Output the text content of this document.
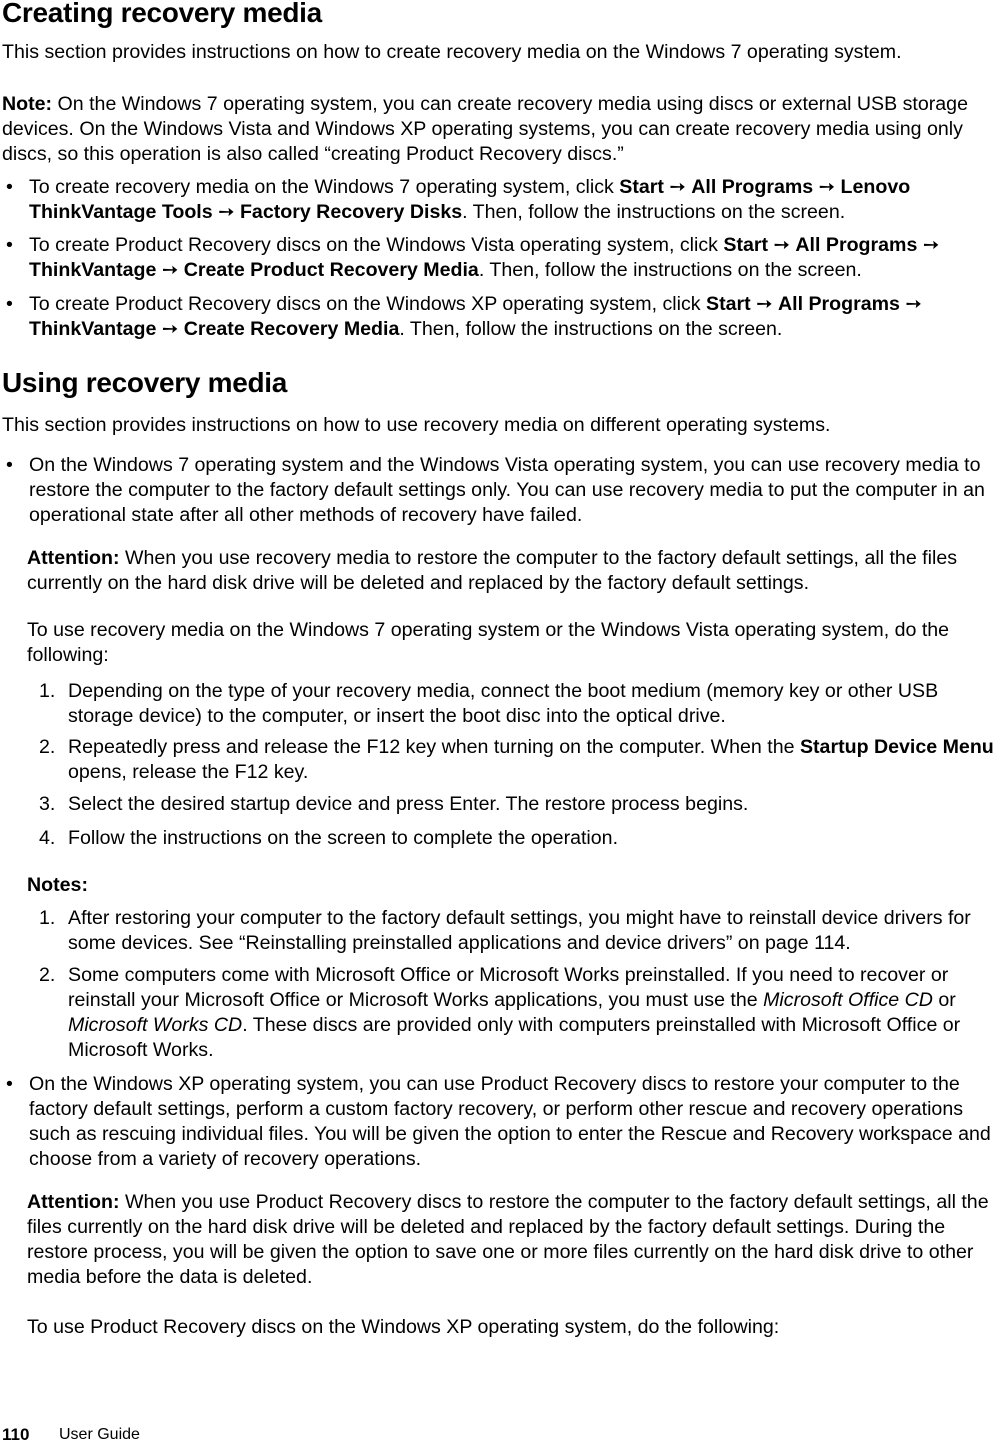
Creating recovery media

This section provides instructions on how to create recovery media on the Windows 7 operating system.

Note: On the Windows 7 operating system, you can create recovery media using discs or external USB storage devices. On the Windows Vista and Windows XP operating systems, you can create recovery media using only discs, so this operation is also called “creating Product Recovery discs.”

• To create recovery media on the Windows 7 operating system, click Start ➙ All Programs ➙ Lenovo ThinkVantage Tools ➙ Factory Recovery Disks. Then, follow the instructions on the screen.
• To create Product Recovery discs on the Windows Vista operating system, click Start ➙ All Programs ➙ ThinkVantage ➙ Create Product Recovery Media. Then, follow the instructions on the screen.
• To create Product Recovery discs on the Windows XP operating system, click Start ➙ All Programs ➙ ThinkVantage ➙ Create Recovery Media. Then, follow the instructions on the screen.
Using recovery media

This section provides instructions on how to use recovery media on different operating systems.

• On the Windows 7 operating system and the Windows Vista operating system, you can use recovery media to restore the computer to the factory default settings only. You can use recovery media to put the computer in an operational state after all other methods of recovery have failed.

Attention: When you use recovery media to restore the computer to the factory default settings, all the files currently on the hard disk drive will be deleted and replaced by the factory default settings.

To use recovery media on the Windows 7 operating system or the Windows Vista operating system, do the following:

1. Depending on the type of your recovery media, connect the boot medium (memory key or other USB storage device) to the computer, or insert the boot disc into the optical drive.
2. Repeatedly press and release the F12 key when turning on the computer. When the Startup Device Menu opens, release the F12 key.
3. Select the desired startup device and press Enter. The restore process begins.
4. Follow the instructions on the screen to complete the operation.

Notes:

1. After restoring your computer to the factory default settings, you might have to reinstall device drivers for some devices. See “Reinstalling preinstalled applications and device drivers” on page 114.
2. Some computers come with Microsoft Office or Microsoft Works preinstalled. If you need to recover or reinstall your Microsoft Office or Microsoft Works applications, you must use the Microsoft Office CD or Microsoft Works CD. These discs are provided only with computers preinstalled with Microsoft Office or Microsoft Works.
• On the Windows XP operating system, you can use Product Recovery discs to restore your computer to the factory default settings, perform a custom factory recovery, or perform other rescue and recovery operations such as rescuing individual files. You will be given the option to enter the Rescue and Recovery workspace and choose from a variety of recovery operations.

Attention: When you use Product Recovery discs to restore the computer to the factory default settings, all the files currently on the hard disk drive will be deleted and replaced by the factory default settings. During the restore process, you will be given the option to save one or more files currently on the hard disk drive to other media before the data is deleted.

To use Product Recovery discs on the Windows XP operating system, do the following:

110 User Guide
